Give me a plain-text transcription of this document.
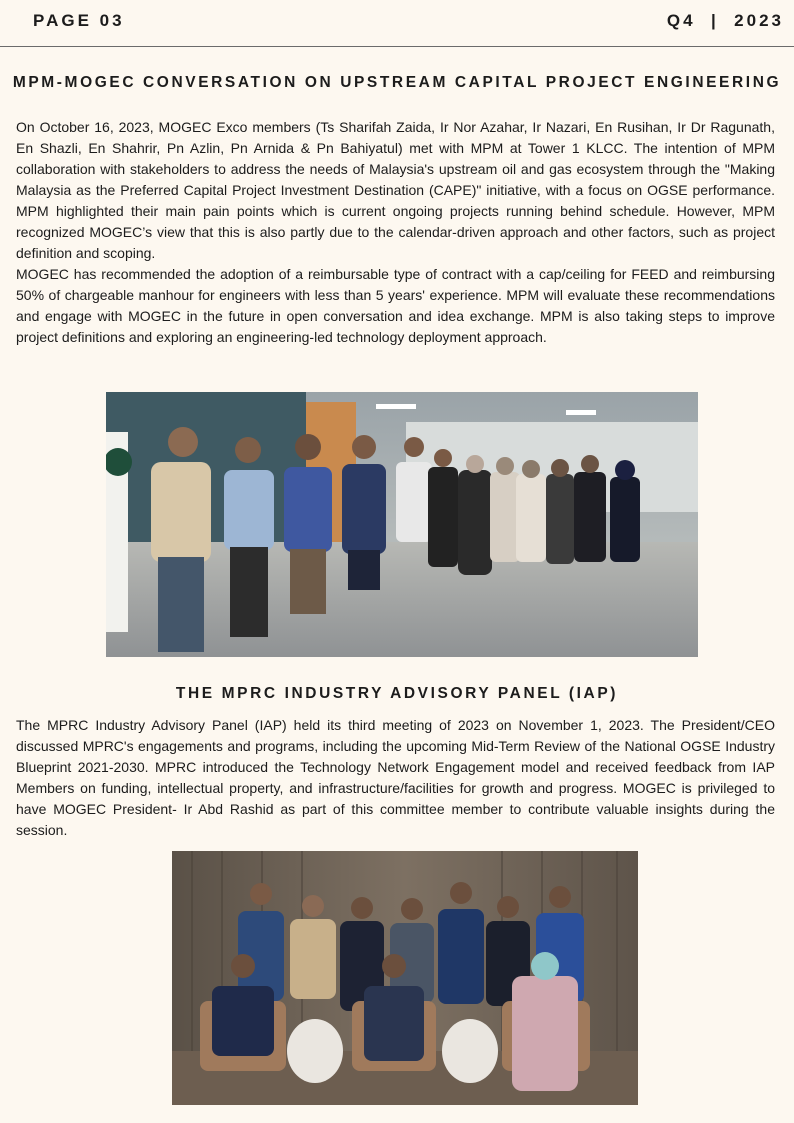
PAGE 03	Q4  |  2023
MPM-MOGEC CONVERSATION ON UPSTREAM CAPITAL PROJECT ENGINEERING

On October 16, 2023, MOGEC Exco members (Ts Sharifah Zaida, Ir Nor Azahar, Ir Nazari, En Rusihan, Ir Dr Ragunath, En Shazli, En Shahrir, Pn Azlin, Pn Arnida & Pn Bahiyatul) met with MPM at Tower 1 KLCC. The intention of MPM collaboration with stakeholders to address the needs of Malaysia's upstream oil and gas ecosystem through the "Making Malaysia as the Preferred Capital Project Investment Destination (CAPE)" initiative, with a focus on OGSE performance. MPM highlighted their main pain points which is current ongoing projects running behind schedule. However, MPM recognized MOGEC’s view that this is also partly due to the calendar-driven approach and other factors, such as project definition and scoping.

MOGEC has recommended the adoption of a reimbursable type of contract with a cap/ceiling for FEED and reimbursing 50% of chargeable manhour for engineers with less than 5 years' experience. MPM will evaluate these recommendations and engage with MOGEC in the future in open conversation and idea exchange. MPM is also taking steps to improve project definitions and exploring an engineering-led technology deployment approach.

THE MPRC INDUSTRY ADVISORY PANEL (IAP)

The MPRC Industry Advisory Panel (IAP) held its third meeting of 2023 on November 1, 2023. The President/CEO discussed MPRC's engagements and programs, including the upcoming Mid-Term Review of the National OGSE Industry Blueprint 2021-2030. MPRC introduced the Technology Network Engagement model and received feedback from IAP Members on funding, intellectual property, and infrastructure/facilities for growth and progress. MOGEC is privileged to have MOGEC President- Ir Abd Rashid as part of this committee member to contribute valuable insights during the session.
